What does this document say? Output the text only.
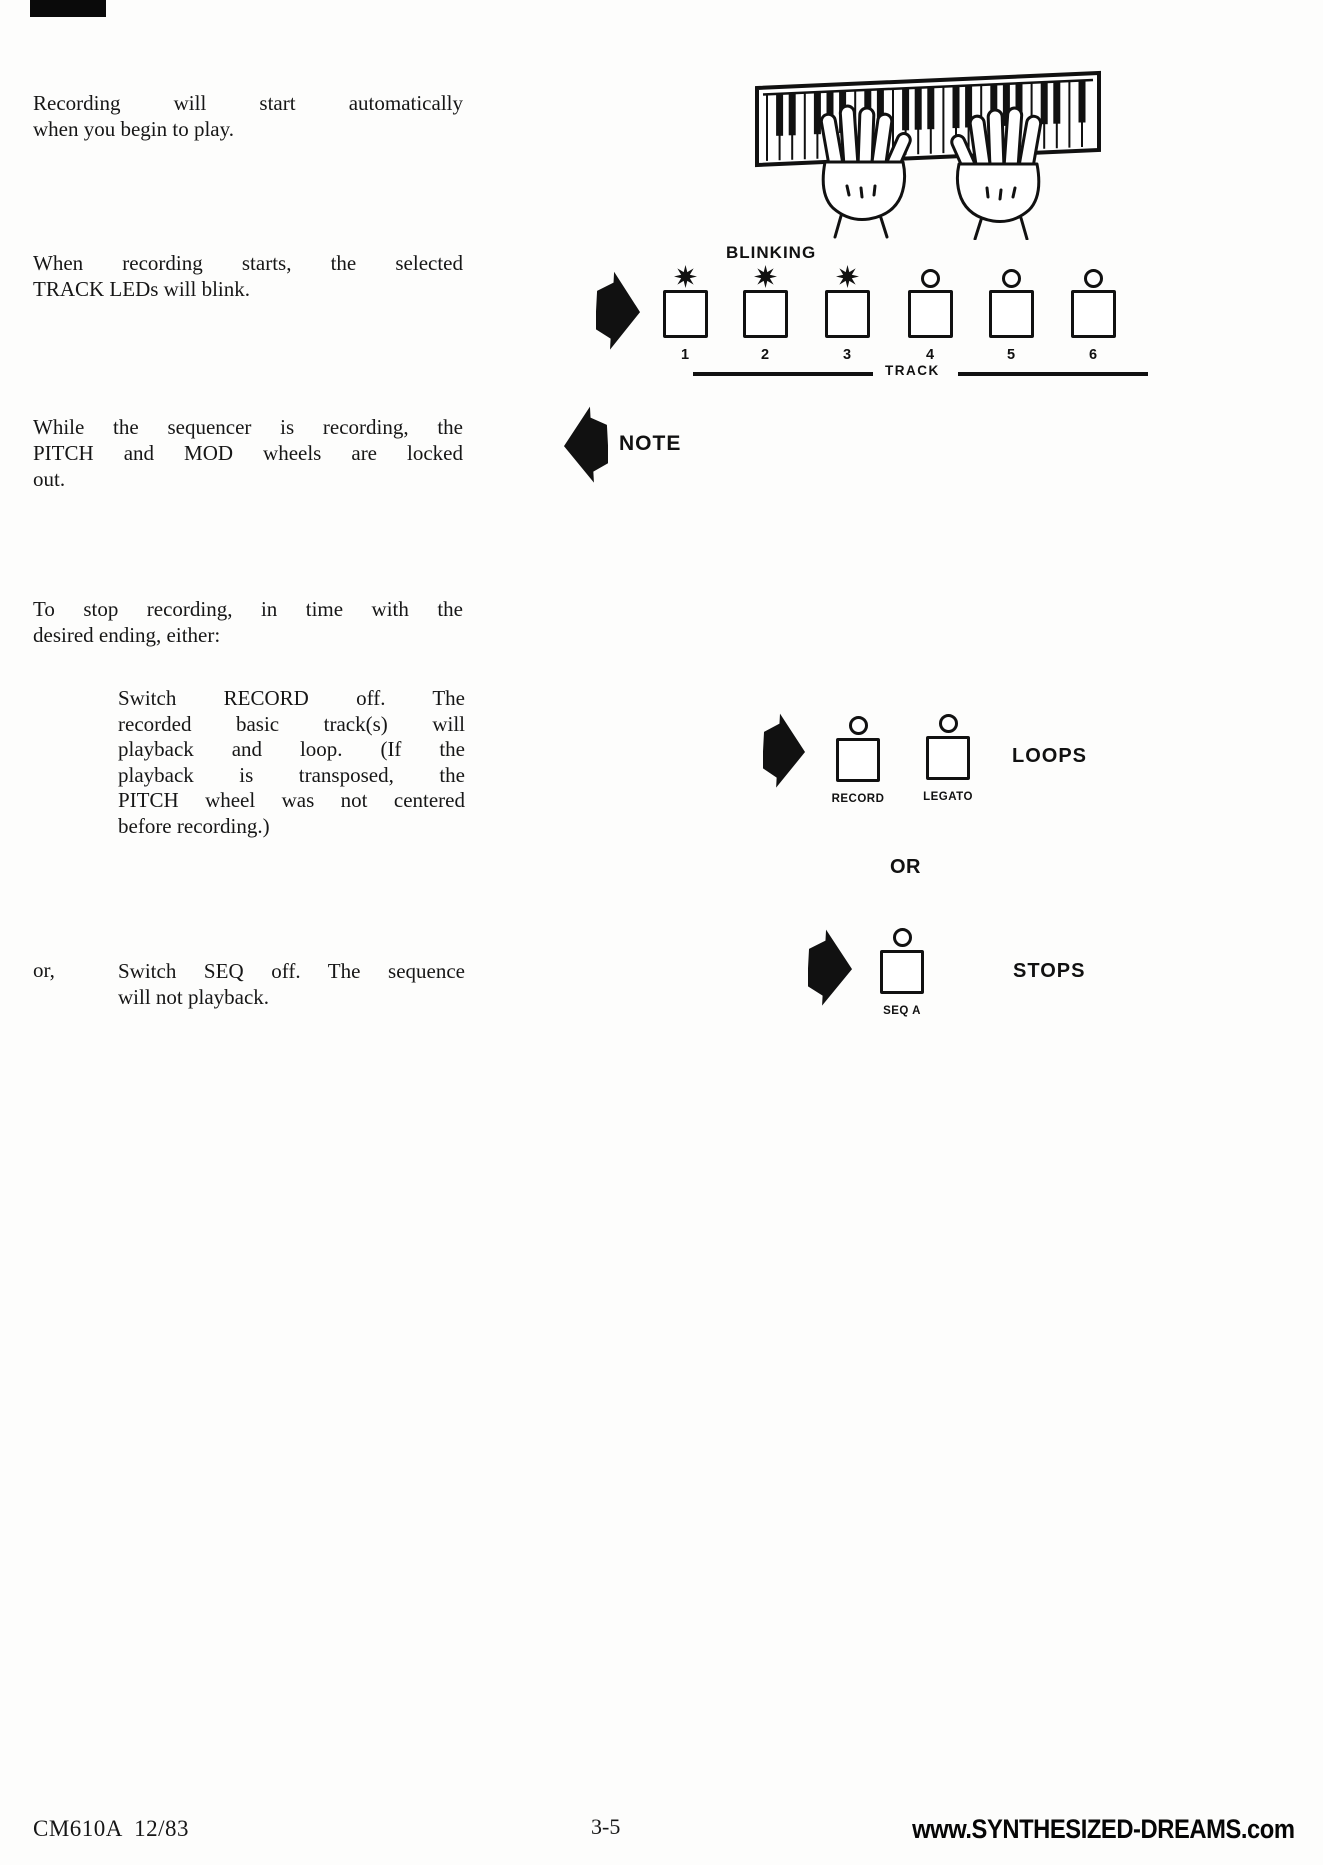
Recording will start automatically
when you begin to play.
When recording starts, the selected
TRACK LEDs will blink.
While the sequencer is recording, the
PITCH and MOD wheels are locked
out.
To stop recording, in time with the
desired ending, either:
Switch RECORD off. The
recorded basic track(s) will
playback and loop. (If the
playback is transposed, the
PITCH wheel was not centered
before recording.)
or,	Switch SEQ off. The sequence
will not playback.
BLINKING
1	2	3	4	5	6
TRACK
NOTE
RECORD	LEGATO
LOOPS
OR
SEQ A
STOPS
CM610A  12/83	3-5	www.SYNTHESIZED-DREAMS.com
